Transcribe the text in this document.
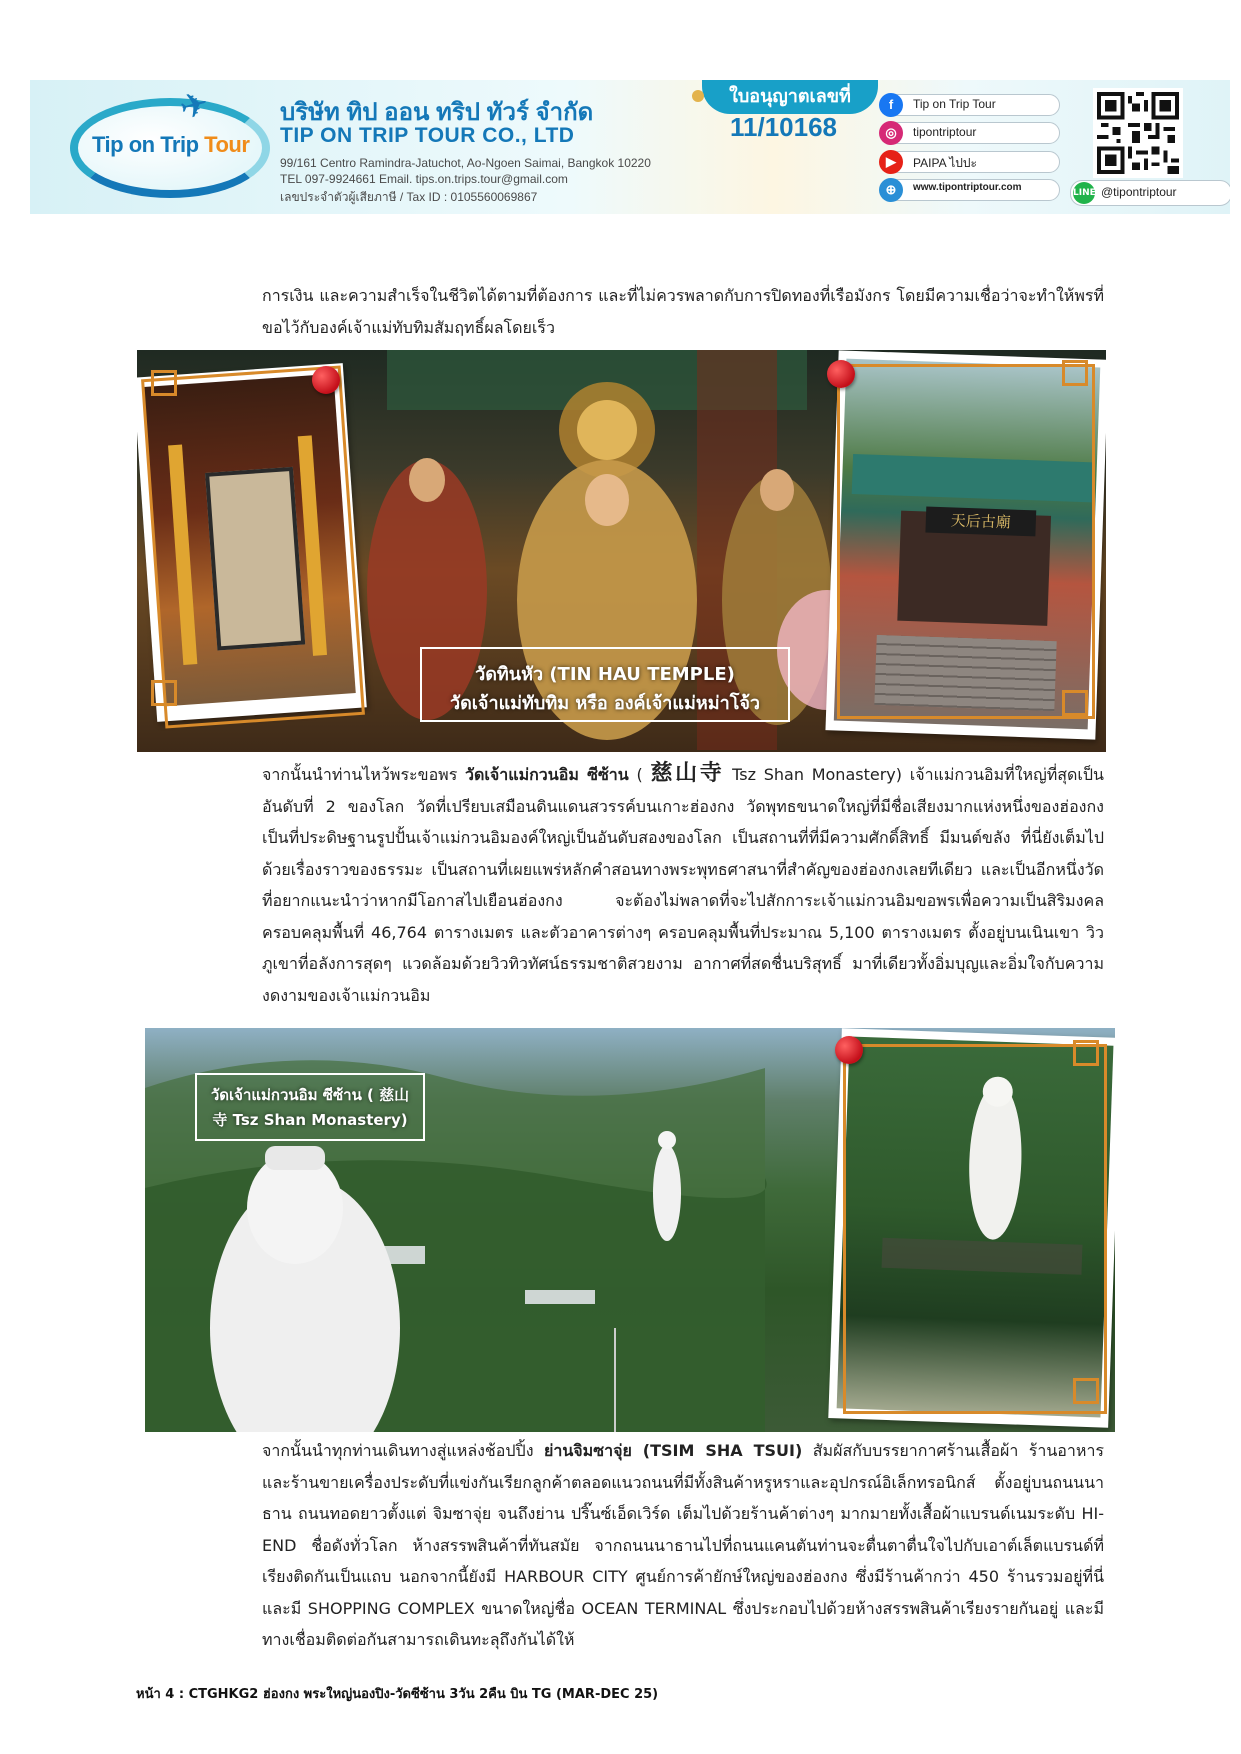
✈
Tip on Trip Tour
บริษัท ทิป ออน ทริป ทัวร์ จำกัด
TIP ON TRIP TOUR CO., LTD
99/161 Centro Ramindra-Jatuchot, Ao-Ngoen Saimai, Bangkok 10220
TEL 097-9924661 Email. tips.on.trips.tour@gmail.com
เลขประจำตัวผู้เสียภาษี / Tax ID : 0105560069867
ใบอนุญาตเลขที่
11/10168
f	Tip on Trip Tour
◎	tipontriptour
▶	PAIPA ไปปะ
⊕	www.tipontriptour.com	LINE @tipontriptour
การเงิน และความสำเร็จในชีวิตได้ตามที่ต้องการ และที่ไม่ควรพลาดกับการปิดทองที่เรือมังกร โดยมีความเชื่อว่าจะทำให้พรที่ขอไว้กับองค์เจ้าแม่ทับทิมสัมฤทธิ์ผลโดยเร็ว
天后古廟
วัดทินหัว (TIN HAU TEMPLE)
วัดเจ้าแม่ทับทิม หรือ องค์เจ้าแม่หม่าโจ้ว
จากนั้นนำท่านไหว้พระขอพร วัดเจ้าแม่กวนอิม ซีซ้าน ( 慈山寺 Tsz Shan Monastery) เจ้าแม่กวนอิมที่ใหญ่ที่สุดเป็นอันดับที่ 2 ของโลก วัดที่เปรียบเสมือนดินแดนสวรรค์บนเกาะฮ่องกง วัดพุทธขนาดใหญ่ที่มีชื่อเสียงมากแห่งหนึ่งของฮ่องกง เป็นที่ประดิษฐานรูปปั้นเจ้าแม่กวนอิมองค์ใหญ่เป็นอันดับสองของโลก เป็นสถานที่ที่มีความศักดิ์สิทธิ์ มีมนต์ขลัง ที่นี่ยังเต็มไปด้วยเรื่องราวของธรรมะ เป็นสถานที่เผยแพร่หลักคำสอนทางพระพุทธศาสนาที่สำคัญของฮ่องกงเลยทีเดียว และเป็นอีกหนึ่งวัดที่อยากแนะนำว่าหากมีโอกาสไปเยือนฮ่องกง จะต้องไม่พลาดที่จะไปสักการะเจ้าแม่กวนอิมขอพรเพื่อความเป็นสิริมงคล ครอบคลุมพื้นที่ 46,764 ตารางเมตร และตัวอาคารต่างๆ ครอบคลุมพื้นที่ประมาณ 5,100 ตารางเมตร ตั้งอยู่บนเนินเขา วิวภูเขาที่อลังการสุดๆ แวดล้อมด้วยวิวทิวทัศน์ธรรมชาติสวยงาม อากาศที่สดชื่นบริสุทธิ์ มาที่เดียวทั้งอิ่มบุญและอิ่มใจกับความงดงามของเจ้าแม่กวนอิม
วัดเจ้าแม่กวนอิม ซีซ้าน ( 慈山
寺 Tsz Shan Monastery)
จากนั้นนำทุกท่านเดินทางสู่แหล่งช้อปปิ้ง ย่านจิมซาจุ่ย (TSIM SHA TSUI) สัมผัสกับบรรยากาศร้านเสื้อผ้า ร้านอาหาร และร้านขายเครื่องประดับที่แข่งกันเรียกลูกค้าตลอดแนวถนนที่มีทั้งสินค้าหรูหราและอุปกรณ์อิเล็กทรอนิกส์ ตั้งอยู่บนถนนนาธาน ถนนทอดยาวตั้งแต่ จิมซาจุ่ย จนถึงย่าน ปริ๊นซ์เอ็ดเวิร์ด เต็มไปด้วยร้านค้าต่างๆ มากมายทั้งเสื้อผ้าแบรนด์เนมระดับ HI-END ชื่อดังทั่วโลก ห้างสรรพสินค้าที่ทันสมัย จากถนนนาธานไปที่ถนนแคนตันท่านจะตื่นตาตื่นใจไปกับเอาต์เล็ตแบรนด์ที่เรียงติดกันเป็นแถบ นอกจากนี้ยังมี HARBOUR CITY ศูนย์การค้ายักษ์ใหญ่ของฮ่องกง ซึ่งมีร้านค้ากว่า 450 ร้านรวมอยู่ที่นี่ และมี SHOPPING COMPLEX ขนาดใหญ่ชื่อ OCEAN TERMINAL ซึ่งประกอบไปด้วยห้างสรรพสินค้าเรียงรายกันอยู่ และมีทางเชื่อมติดต่อกันสามารถเดินทะลุถึงกันได้ให้
หน้า 4 : CTGHKG2 ฮ่องกง พระใหญ่นองปิง-วัดซีซ้าน 3วัน 2คืน บิน TG (MAR-DEC 25)
